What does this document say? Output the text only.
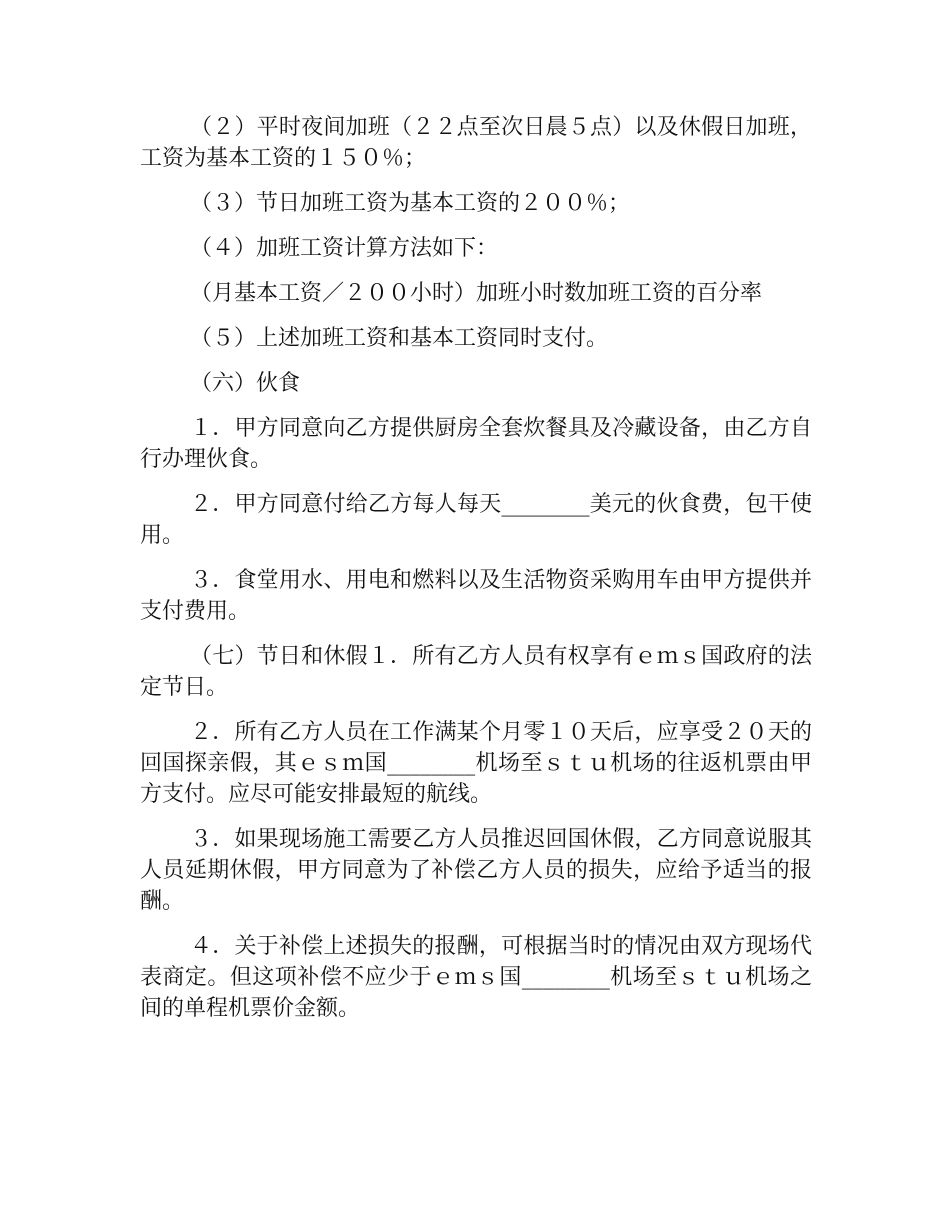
（２）平时夜间加班（２２点至次日晨５点）以及休假日加班，工资为基本工资的１５０％；

（３）节日加班工资为基本工资的２００％；

（４）加班工资计算方法如下：

（月基本工资／２００小时）加班小时数加班工资的百分率

（５）上述加班工资和基本工资同时支付。

（六）伙食

１．甲方同意向乙方提供厨房全套炊餐具及冷藏设备，由乙方自行办理伙食。

２．甲方同意付给乙方每人每天________美元的伙食费，包干使用。

３．食堂用水、用电和燃料以及生活物资采购用车由甲方提供并支付费用。

（七）节日和休假１．所有乙方人员有权享有ｅｍｓ国政府的法定节日。

２．所有乙方人员在工作满某个月零１０天后，应享受２０天的回国探亲假，其ｅｓｍ国________机场至ｓｔｕ机场的往返机票由甲方支付。应尽可能安排最短的航线。

３．如果现场施工需要乙方人员推迟回国休假，乙方同意说服其人员延期休假，甲方同意为了补偿乙方人员的损失，应给予适当的报酬。

４．关于补偿上述损失的报酬，可根据当时的情况由双方现场代表商定。但这项补偿不应少于ｅｍｓ国________机场至ｓｔｕ机场之间的单程机票价金额。
